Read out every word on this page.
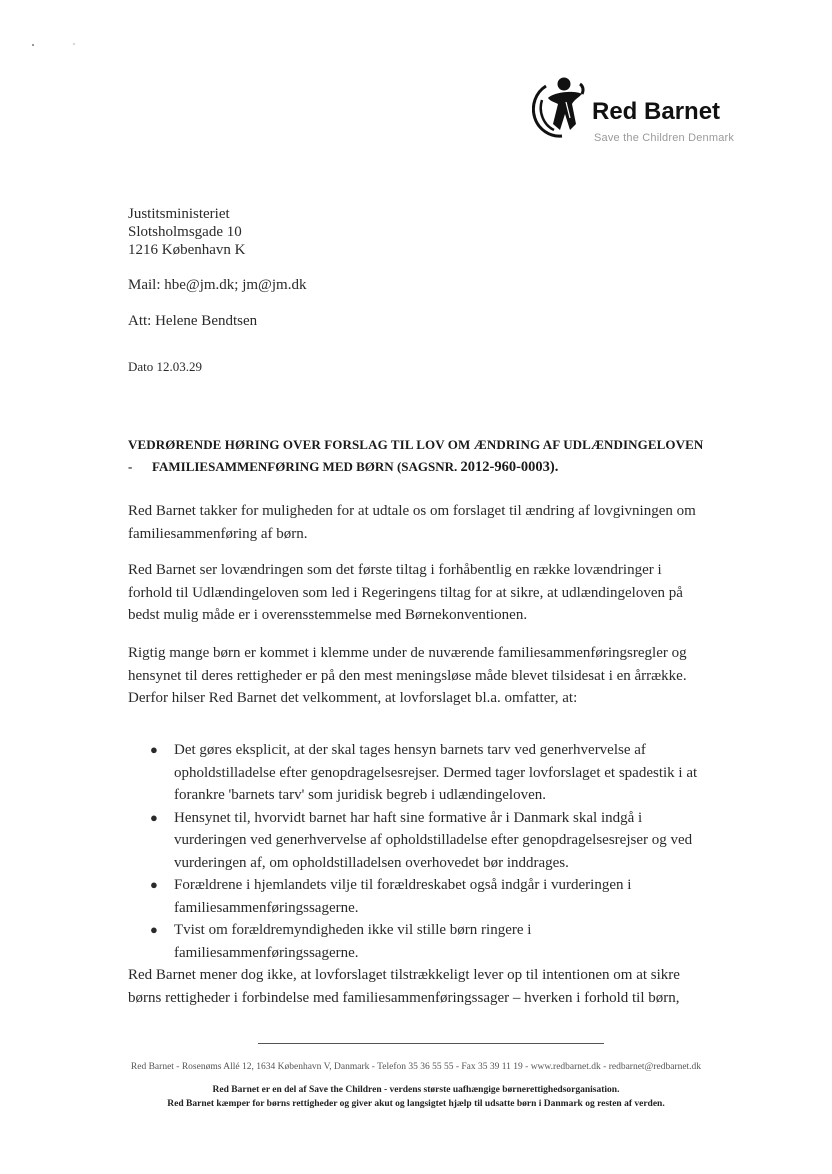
Red Barnet
Save the Children Denmark
Justitsministeriet
Slotsholmsgade 10
1216 København K
Mail: hbe@jm.dk; jm@jm.dk
Att: Helene Bendtsen
Dato 12.03.29
VEDRØRENDE HØRING OVER FORSLAG TIL LOV OM ÆNDRING AF UDLÆNDINGELOVEN
- FAMILIESAMMENFØRING MED BØRN (SAGSNR. 2012-960-0003).
Red Barnet takker for muligheden for at udtale os om forslaget til ændring af lovgivningen om familiesammenføring af børn.
Red Barnet ser lovændringen som det første tiltag i forhåbentlig en række lovændringer i forhold til Udlændingeloven som led i Regeringens tiltag for at sikre, at udlændingeloven på bedst mulig måde er i overensstemmelse med Børnekonventionen.
Rigtig mange børn er kommet i klemme under de nuværende familiesammenføringsregler og hensynet til deres rettigheder er på den mest meningsløse måde blevet tilsidesat i en årrække. Derfor hilser Red Barnet det velkomment, at lovforslaget bl.a. omfatter, at:
● Det gøres eksplicit, at der skal tages hensyn barnets tarv ved generhvervelse af opholdstilladelse efter genopdragelsesrejser. Dermed tager lovforslaget et spadestik i at forankre 'barnets tarv' som juridisk begreb i udlændingeloven.
● Hensynet til, hvorvidt barnet har haft sine formative år i Danmark skal indgå i vurderingen ved generhvervelse af opholdstilladelse efter genopdragelsesrejser og ved vurderingen af, om opholdstilladelsen overhovedet bør inddrages.
● Forældrene i hjemlandets vilje til forældreskabet også indgår i vurderingen i familiesammenføringssagerne.
● Tvist om forældremyndigheden ikke vil stille børn ringere i familiesammenføringssagerne.
Red Barnet mener dog ikke, at lovforslaget tilstrækkeligt lever op til intentionen om at sikre børns rettigheder i forbindelse med familiesammenføringssager – hverken i forhold til børn,
Red Barnet - Rosenøms Allé 12, 1634 København V, Danmark - Telefon 35 36 55 55 - Fax 35 39 11 19 - www.redbarnet.dk - redbarnet@redbarnet.dk
Red Barnet er en del af Save the Children - verdens største uafhængige børnerettighedsorganisation.
Red Barnet kæmper for børns rettigheder og giver akut og langsigtet hjælp til udsatte børn i Danmark og resten af verden.
